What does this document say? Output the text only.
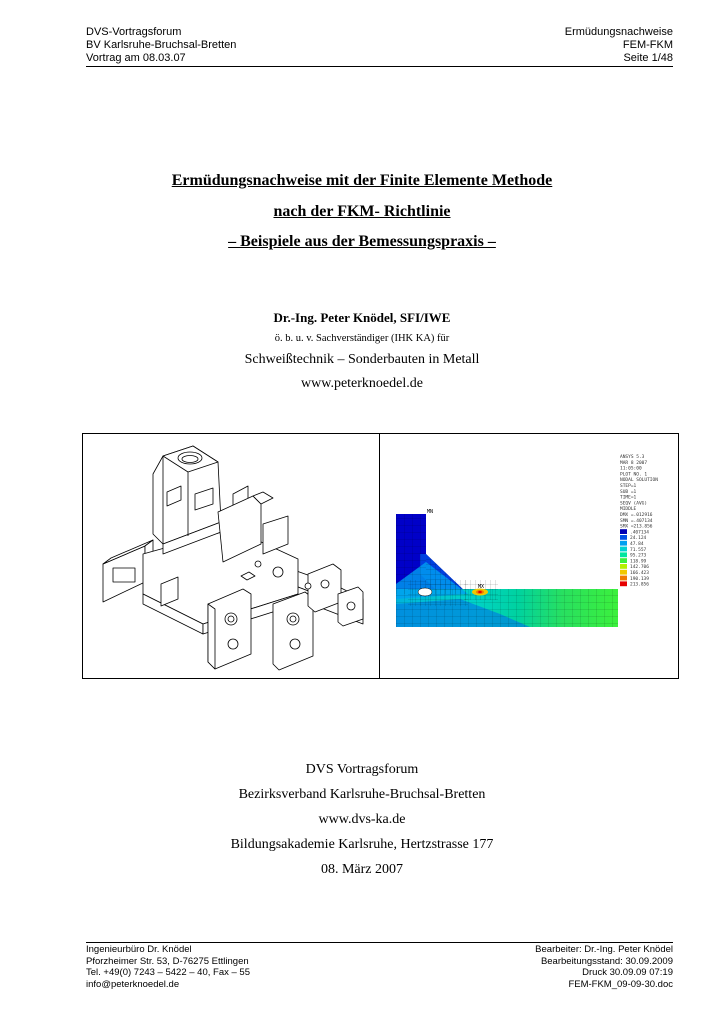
DVS-Vortragsforum
BV Karlsruhe-Bruchsal-Bretten
Vortrag am 08.03.07
Ermüdungsnachweise
FEM-FKM
Seite 1/48
Ermüdungsnachweise mit der Finite Elemente Methode
nach der FKM- Richtlinie
– Beispiele aus der Bemessungspraxis –
Dr.-Ing. Peter Knödel, SFI/IWE
ö. b. u. v. Sachverständiger (IHK KA) für
Schweißtechnik – Sonderbauten in Metall
www.peterknoedel.de
MX
MN
ANSYS 5.3
MAR 8 2007
11:05:00
PLOT NO. 1
NODAL SOLUTION
STEP=1
SUB =1
TIME=1
SEQV (AVG)
MIDDLE
DMX =.012916
SMN =.407134
SMX =213.856
.407134
24.124
47.84
71.557
95.273
118.99
142.706
166.423
190.139
213.856
DVS Vortragsforum
Bezirksverband Karlsruhe-Bruchsal-Bretten
www.dvs-ka.de
Bildungsakademie Karlsruhe, Hertzstrasse 177
08. März 2007
Ingenieurbüro Dr. Knödel
Pforzheimer Str. 53, D-76275 Ettlingen
Tel. +49(0) 7243 – 5422 – 40, Fax – 55
info@peterknoedel.de
Bearbeiter: Dr.-Ing. Peter Knödel
Bearbeitungsstand: 30.09.2009
Druck 30.09.09 07:19
FEM-FKM_09-09-30.doc
